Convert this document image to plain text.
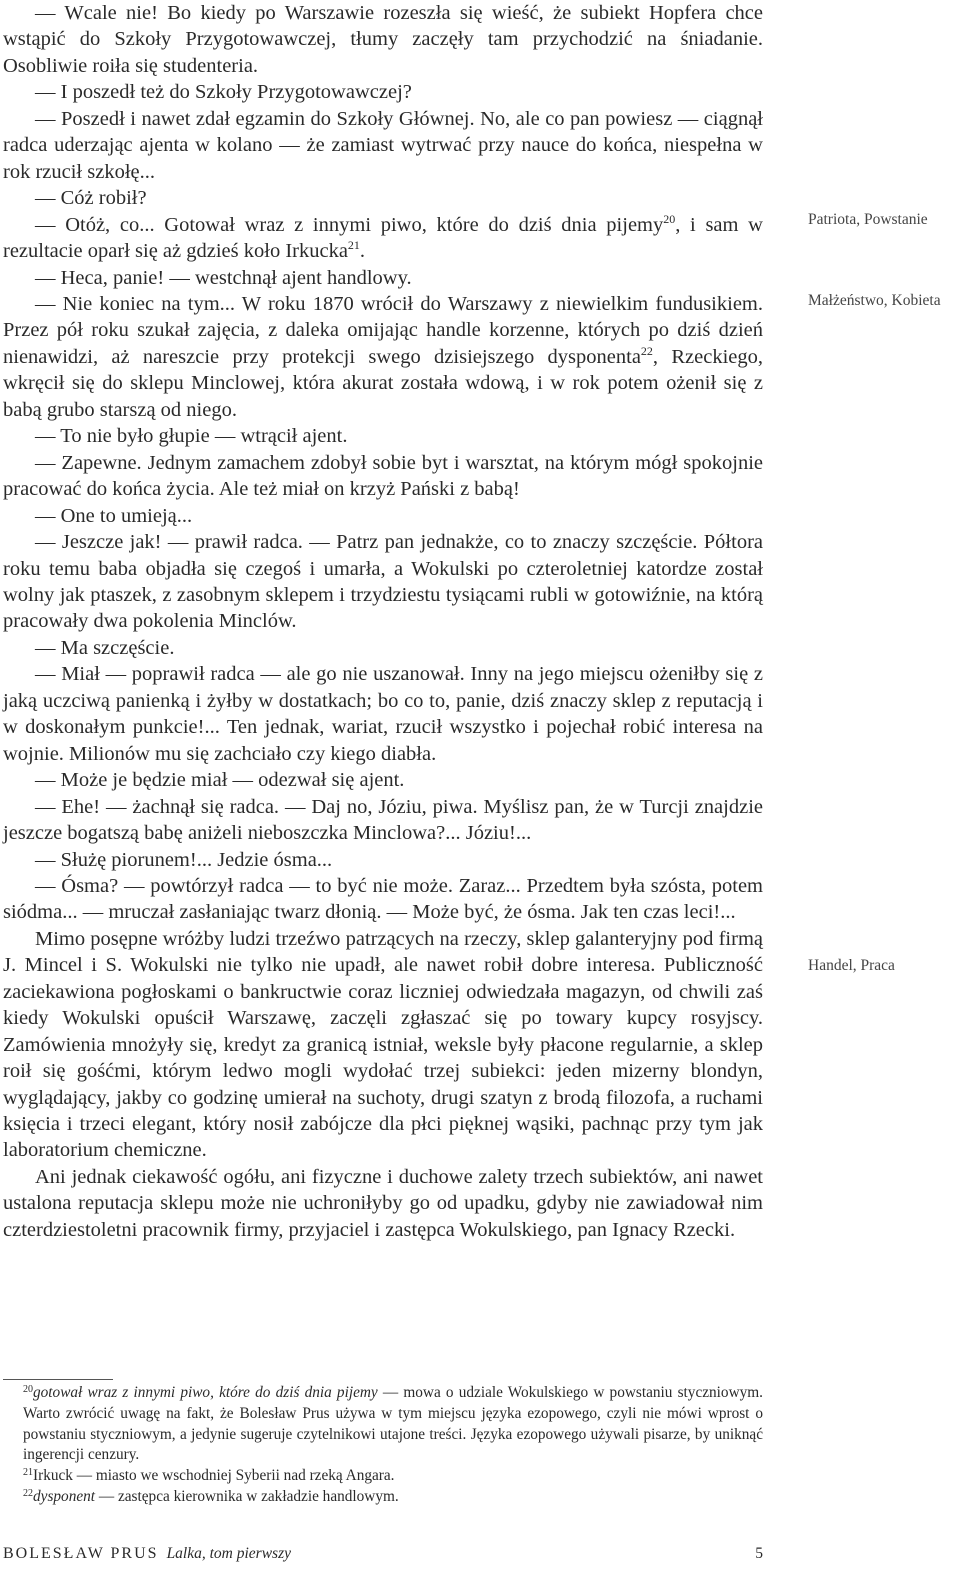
— Wcale nie! Bo kiedy po Warszawie rozeszła się wieść, że subiekt Hopfera chce wstąpić do Szkoły Przygotowawczej, tłumy zaczęły tam przychodzić na śniadanie. Osobliwie roiła się studenteria.

— I poszedł też do Szkoły Przygotowawczej?

— Poszedł i nawet zdał egzamin do Szkoły Głównej. No, ale co pan powiesz — ciągnął radca uderzając ajenta w kolano — że zamiast wytrwać przy nauce do końca, niespełna w rok rzucił szkołę...

— Cóż robił?

— Otóż, co... Gotował wraz z innymi piwo, które do dziś dnia pijemy$^{20}$, i sam w rezultacie oparł się aż gdzieś koło Irkucka$^{21}$.

— Heca, panie! — westchnął ajent handlowy.

— Nie koniec na tym... W roku 1870 wrócił do Warszawy z niewielkim fundusikiem. Przez pół roku szukał zajęcia, z daleka omijając handle korzenne, których po dziś dzień nienawidzi, aż nareszcie przy protekcji swego dzisiejszego dysponenta$^{22}$, Rzeckiego, wkręcił się do sklepu Minclowej, która akurat została wdową, i w rok potem ożenił się z babą grubo starszą od niego.

— To nie było głupie — wtrącił ajent.

— Zapewne. Jednym zamachem zdobył sobie byt i warsztat, na którym mógł spokojnie pracować do końca życia. Ale też miał on krzyż Pański z babą!

— One to umieją...

— Jeszcze jak! — prawił radca. — Patrz pan jednakże, co to znaczy szczęście. Półtora roku temu baba objadła się czegoś i umarła, a Wokulski po czteroletniej katordze został wolny jak ptaszek, z zasobnym sklepem i trzydziestu tysiącami rubli w gotowiźnie, na którą pracowały dwa pokolenia Minclów.

— Ma szczęście.

— Miał — poprawił radca — ale go nie uszanował. Inny na jego miejscu ożeniłby się z jaką uczciwą panienką i żyłby w dostatkach; bo co to, panie, dziś znaczy sklep z reputacją i w doskonałym punkcie!... Ten jednak, wariat, rzucił wszystko i pojechał robić interesa na wojnie. Milionów mu się zachciało czy kiego diabła.

— Może je będzie miał — odezwał się ajent.

— Ehe! — żachnął się radca. — Daj no, Józiu, piwa. Myślisz pan, że w Turcji znajdzie jeszcze bogatszą babę aniżeli nieboszczka Minclowa?... Józiu!...

— Służę piorunem!... Jedzie ósma...

— Ósma? — powtórzył radca — to być nie może. Zaraz... Przedtem była szósta, potem siódma... — mruczał zasłaniając twarz dłonią. — Może być, że ósma. Jak ten czas leci!...

Mimo posępne wróżby ludzi trzeźwo patrzących na rzeczy, sklep galanteryjny pod firmą J. Mincel i S. Wokulski nie tylko nie upadł, ale nawet robił dobre interesa. Publiczność zaciekawiona pogłoskami o bankructwie coraz liczniej odwiedzała magazyn, od chwili zaś kiedy Wokulski opuścił Warszawę, zaczęli zgłaszać się po towary kupcy rosyjscy. Zamówienia mnożyły się, kredyt za granicą istniał, weksle były płacone regularnie, a sklep roił się gośćmi, którym ledwo mogli wydołać trzej subiekci: jeden mizerny blondyn, wyglądający, jakby co godzinę umierał na suchoty, drugi szatyn z brodą filozofa, a ruchami księcia i trzeci elegant, który nosił zabójcze dla płci pięknej wąsiki, pachnąc przy tym jak laboratorium chemiczne.

Ani jednak ciekawość ogółu, ani fizyczne i duchowe zalety trzech subiektów, ani nawet ustalona reputacja sklepu może nie uchroniłyby go od upadku, gdyby nie zawiadował nim czterdziestoletni pracownik firmy, przyjaciel i zastępca Wokulskiego, pan Ignacy Rzecki.

Patriota, Powstanie
Małżeństwo, Kobieta
Handel, Praca

$^{20}$gotował wraz z innymi piwo, które do dziś dnia pijemy — mowa o udziale Wokulskiego w powstaniu styczniowym. Warto zwrócić uwagę na fakt, że Bolesław Prus używa w tym miejscu języka ezopowego, czyli nie mówi wprost o powstaniu styczniowym, a jedynie sugeruje czytelnikowi utajone treści. Języka ezopowego używali pisarze, by uniknąć ingerencji cenzury.

$^{21}$Irkuck — miasto we wschodniej Syberii nad rzeką Angara.

$^{22}$dysponent — zastępca kierownika w zakładzie handlowym.

BOLESŁAW PRUS Lalka, tom pierwszy	5
